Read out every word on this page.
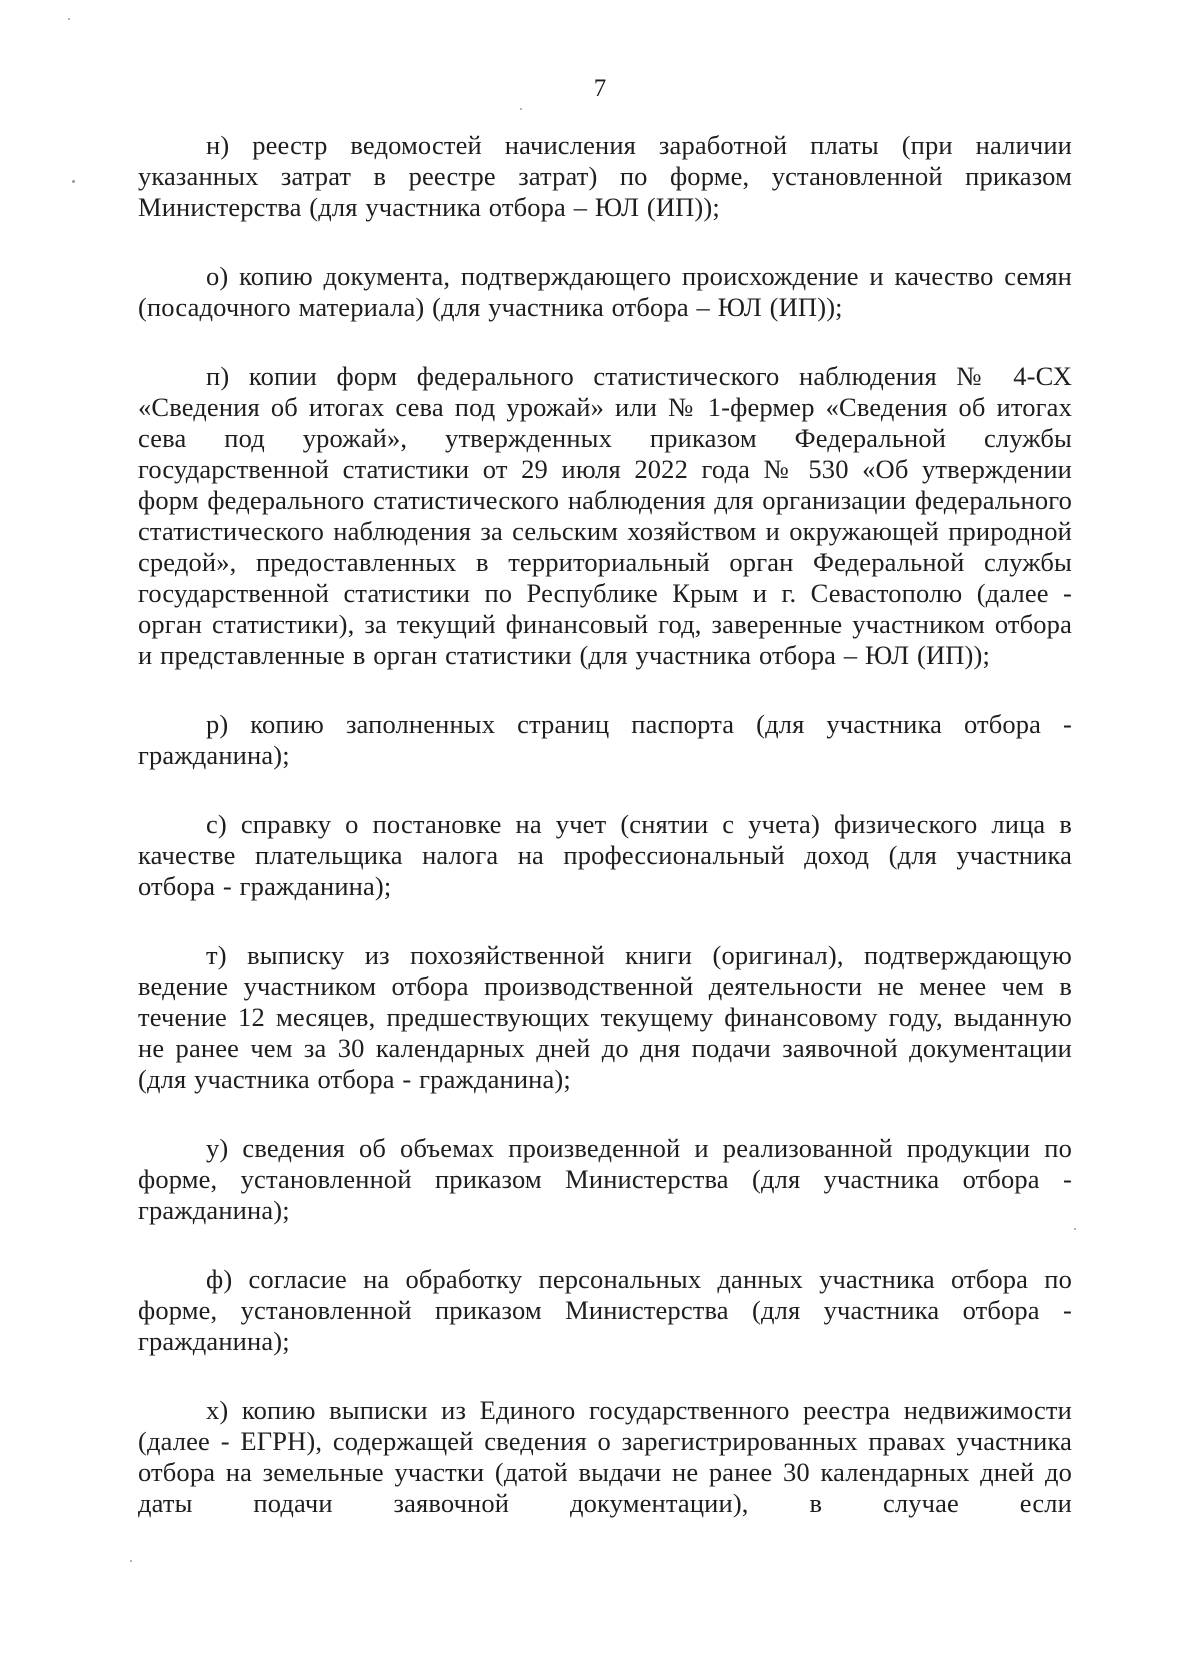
7

н) реестр ведомостей начисления заработной платы (при наличии указанных затрат в реестре затрат) по форме, установленной приказом Министерства (для участника отбора – ЮЛ (ИП));

о) копию документа, подтверждающего происхождение и качество семян (посадочного материала) (для участника отбора – ЮЛ (ИП));

п) копии форм федерального статистического наблюдения № 4-СХ «Сведения об итогах сева под урожай» или № 1-фермер «Сведения об итогах сева под урожай», утвержденных приказом Федеральной службы государственной статистики от 29 июля 2022 года № 530 «Об утверждении форм федерального статистического наблюдения для организации федерального статистического наблюдения за сельским хозяйством и окружающей природной средой», предоставленных в территориальный орган Федеральной службы государственной статистики по Республике Крым и г. Севастополю (далее - орган статистики), за текущий финансовый год, заверенные участником отбора и представленные в орган статистики (для участника отбора – ЮЛ (ИП));

р) копию заполненных страниц паспорта (для участника отбора - гражданина);

с) справку о постановке на учет (снятии с учета) физического лица в качестве плательщика налога на профессиональный доход (для участника отбора - гражданина);

т) выписку из похозяйственной книги (оригинал), подтверждающую ведение участником отбора производственной деятельности не менее чем в течение 12 месяцев, предшествующих текущему финансовому году, выданную не ранее чем за 30 календарных дней до дня подачи заявочной документации (для участника отбора - гражданина);

у) сведения об объемах произведенной и реализованной продукции по форме, установленной приказом Министерства (для участника отбора - гражданина);

ф) согласие на обработку персональных данных участника отбора по форме, установленной приказом Министерства (для участника отбора - гражданина);

х) копию выписки из Единого государственного реестра недвижимости (далее - ЕГРН), содержащей сведения о зарегистрированных правах участника отбора на земельные участки (датой выдачи не ранее 30 календарных дней до даты подачи заявочной документации), в случае если
